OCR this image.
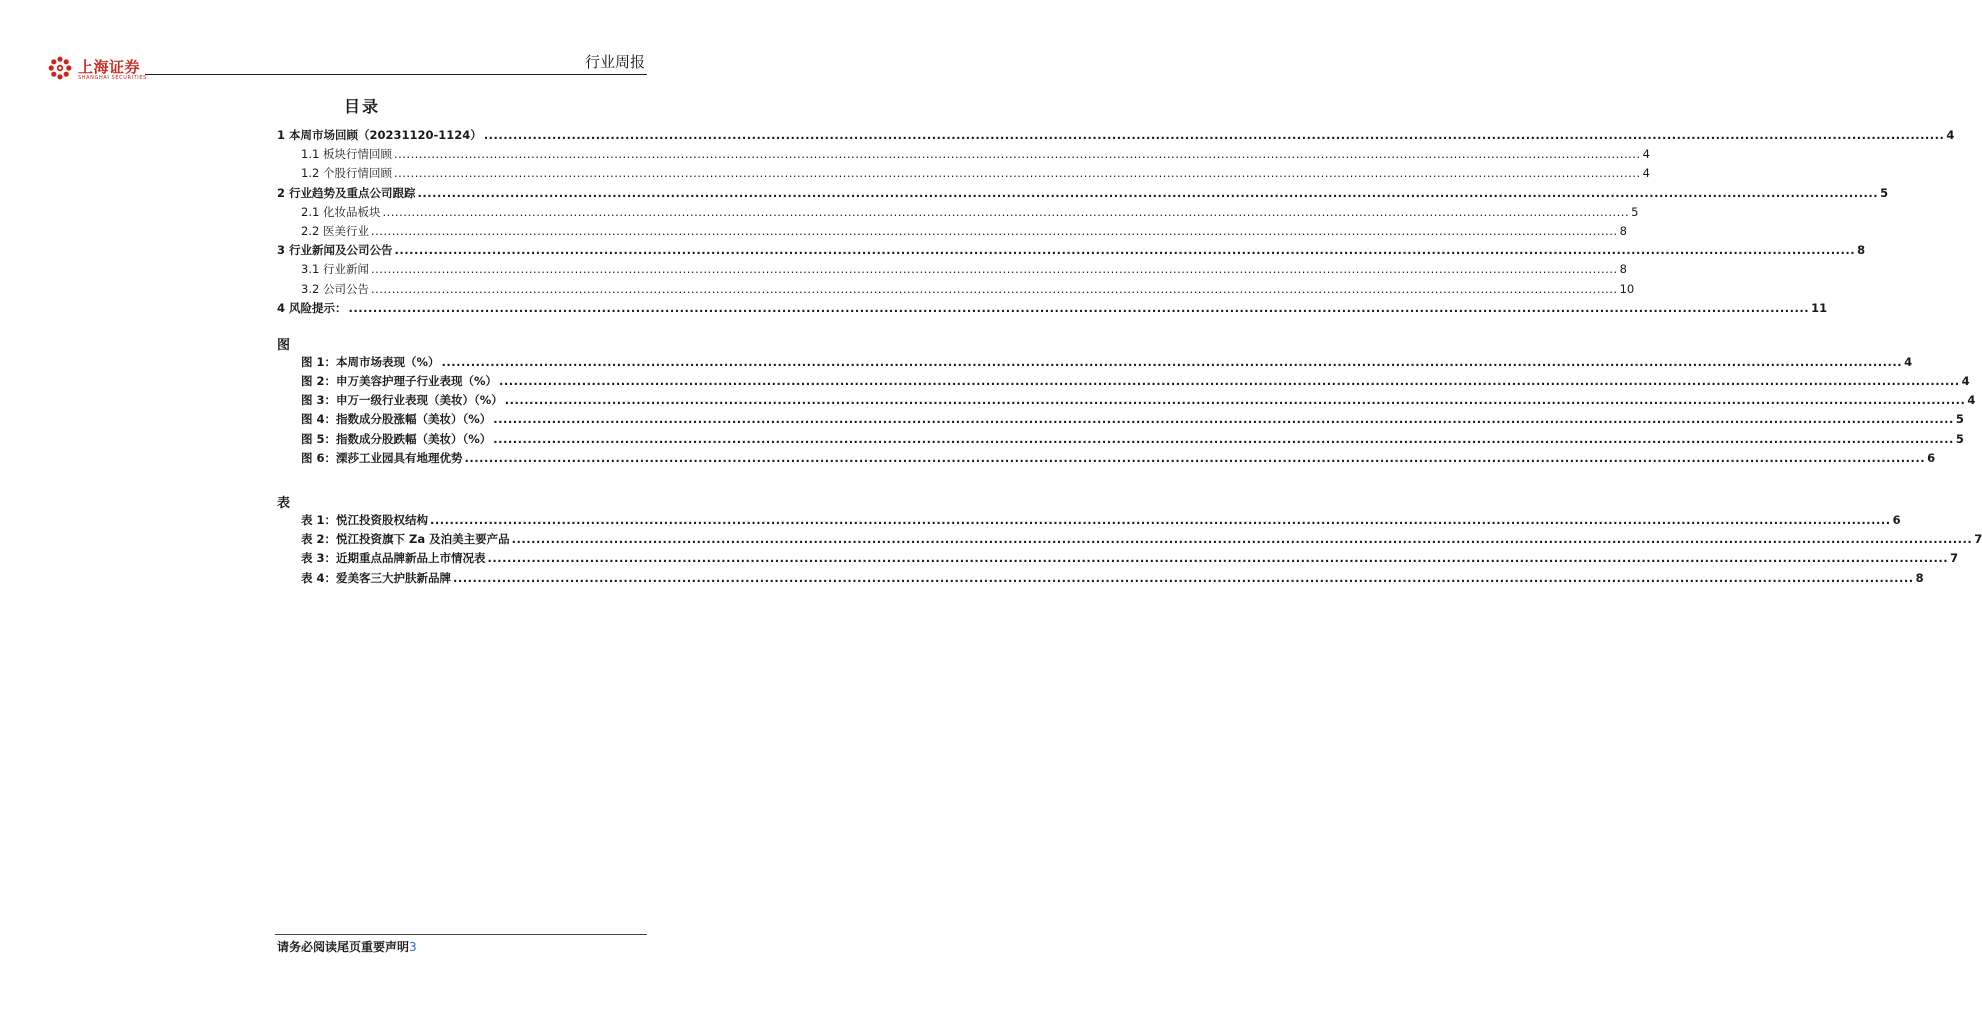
上海证券
SHANGHAI SECURITIES
行业周报
目录
1 本周市场回顾（20231120-1124） ............................................................................................................................................................................................................................................................................................................ 4
1.1 板块行情回顾 ............................................................................................................................................................................................................................................................................................................ 4
1.2 个股行情回顾 ............................................................................................................................................................................................................................................................................................................ 4
2 行业趋势及重点公司跟踪 ............................................................................................................................................................................................................................................................................................................ 5
2.1 化妆品板块 ............................................................................................................................................................................................................................................................................................................ 5
2.2 医美行业 ............................................................................................................................................................................................................................................................................................................ 8
3 行业新闻及公司公告 ............................................................................................................................................................................................................................................................................................................ 8
3.1 行业新闻 ............................................................................................................................................................................................................................................................................................................ 8
3.2 公司公告 ............................................................................................................................................................................................................................................................................................................ 10
4 风险提示： ............................................................................................................................................................................................................................................................................................................ 11
图
图 1：本周市场表现（%） ............................................................................................................................................................................................................................................................................................................ 4
图 2：申万美容护理子行业表现（%） ............................................................................................................................................................................................................................................................................................................ 4
图 3：申万一级行业表现（美妆）（%） ............................................................................................................................................................................................................................................................................................................ 4
图 4：指数成分股涨幅（美妆）（%） ............................................................................................................................................................................................................................................................................................................ 5
图 5：指数成分股跌幅（美妆）（%） ............................................................................................................................................................................................................................................................................................................ 5
图 6：溧莎工业园具有地理优势 ............................................................................................................................................................................................................................................................................................................ 6
表
表 1：悦江投资股权结构 ............................................................................................................................................................................................................................................................................................................ 6
表 2：悦江投资旗下 Za 及泊美主要产品 ............................................................................................................................................................................................................................................................................................................ 7
表 3：近期重点品牌新品上市情况表 ............................................................................................................................................................................................................................................................................................................ 7
表 4：爱美客三大护肤新品牌 ............................................................................................................................................................................................................................................................................................................ 8
请务必阅读尾页重要声明3
